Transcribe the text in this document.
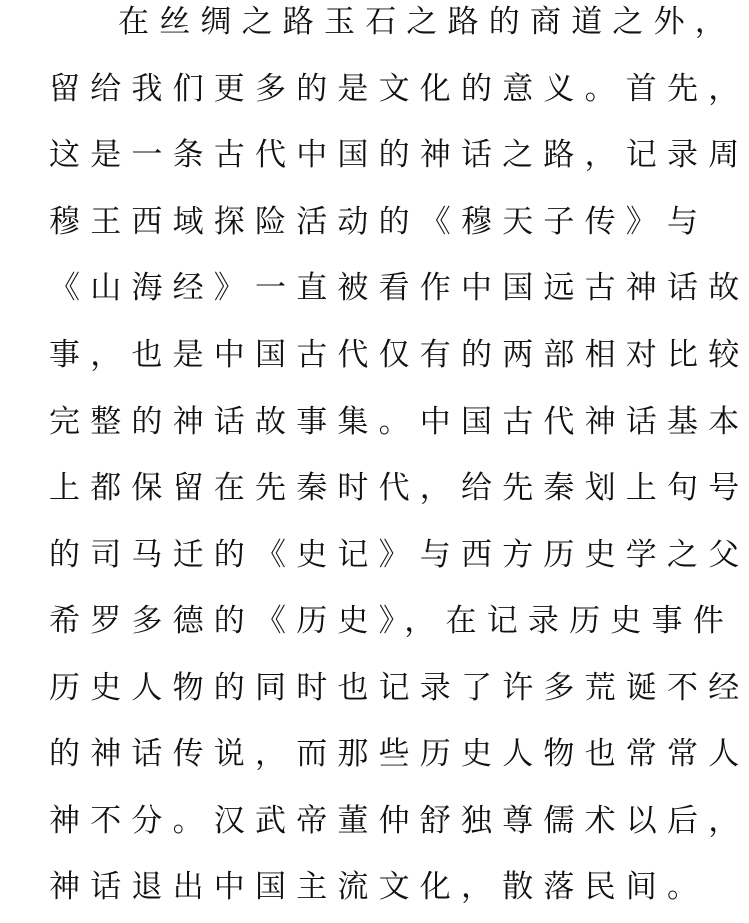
在丝绸之路玉石之路的商道之外，
留给我们更多的是文化的意义。首先，
这是一条古代中国的神话之路，记录周
穆王西域探险活动的《穆天子传》与
《山海经》一直被看作中国远古神话故
事，也是中国古代仅有的两部相对比较
完整的神话故事集。中国古代神话基本
上都保留在先秦时代，给先秦划上句号
的司马迁的《史记》与西方历史学之父
希罗多德的《历史》，在记录历史事件
历史人物的同时也记录了许多荒诞不经
的神话传说，而那些历史人物也常常人
神不分。汉武帝董仲舒独尊儒术以后，
神话退出中国主流文化，散落民间。
